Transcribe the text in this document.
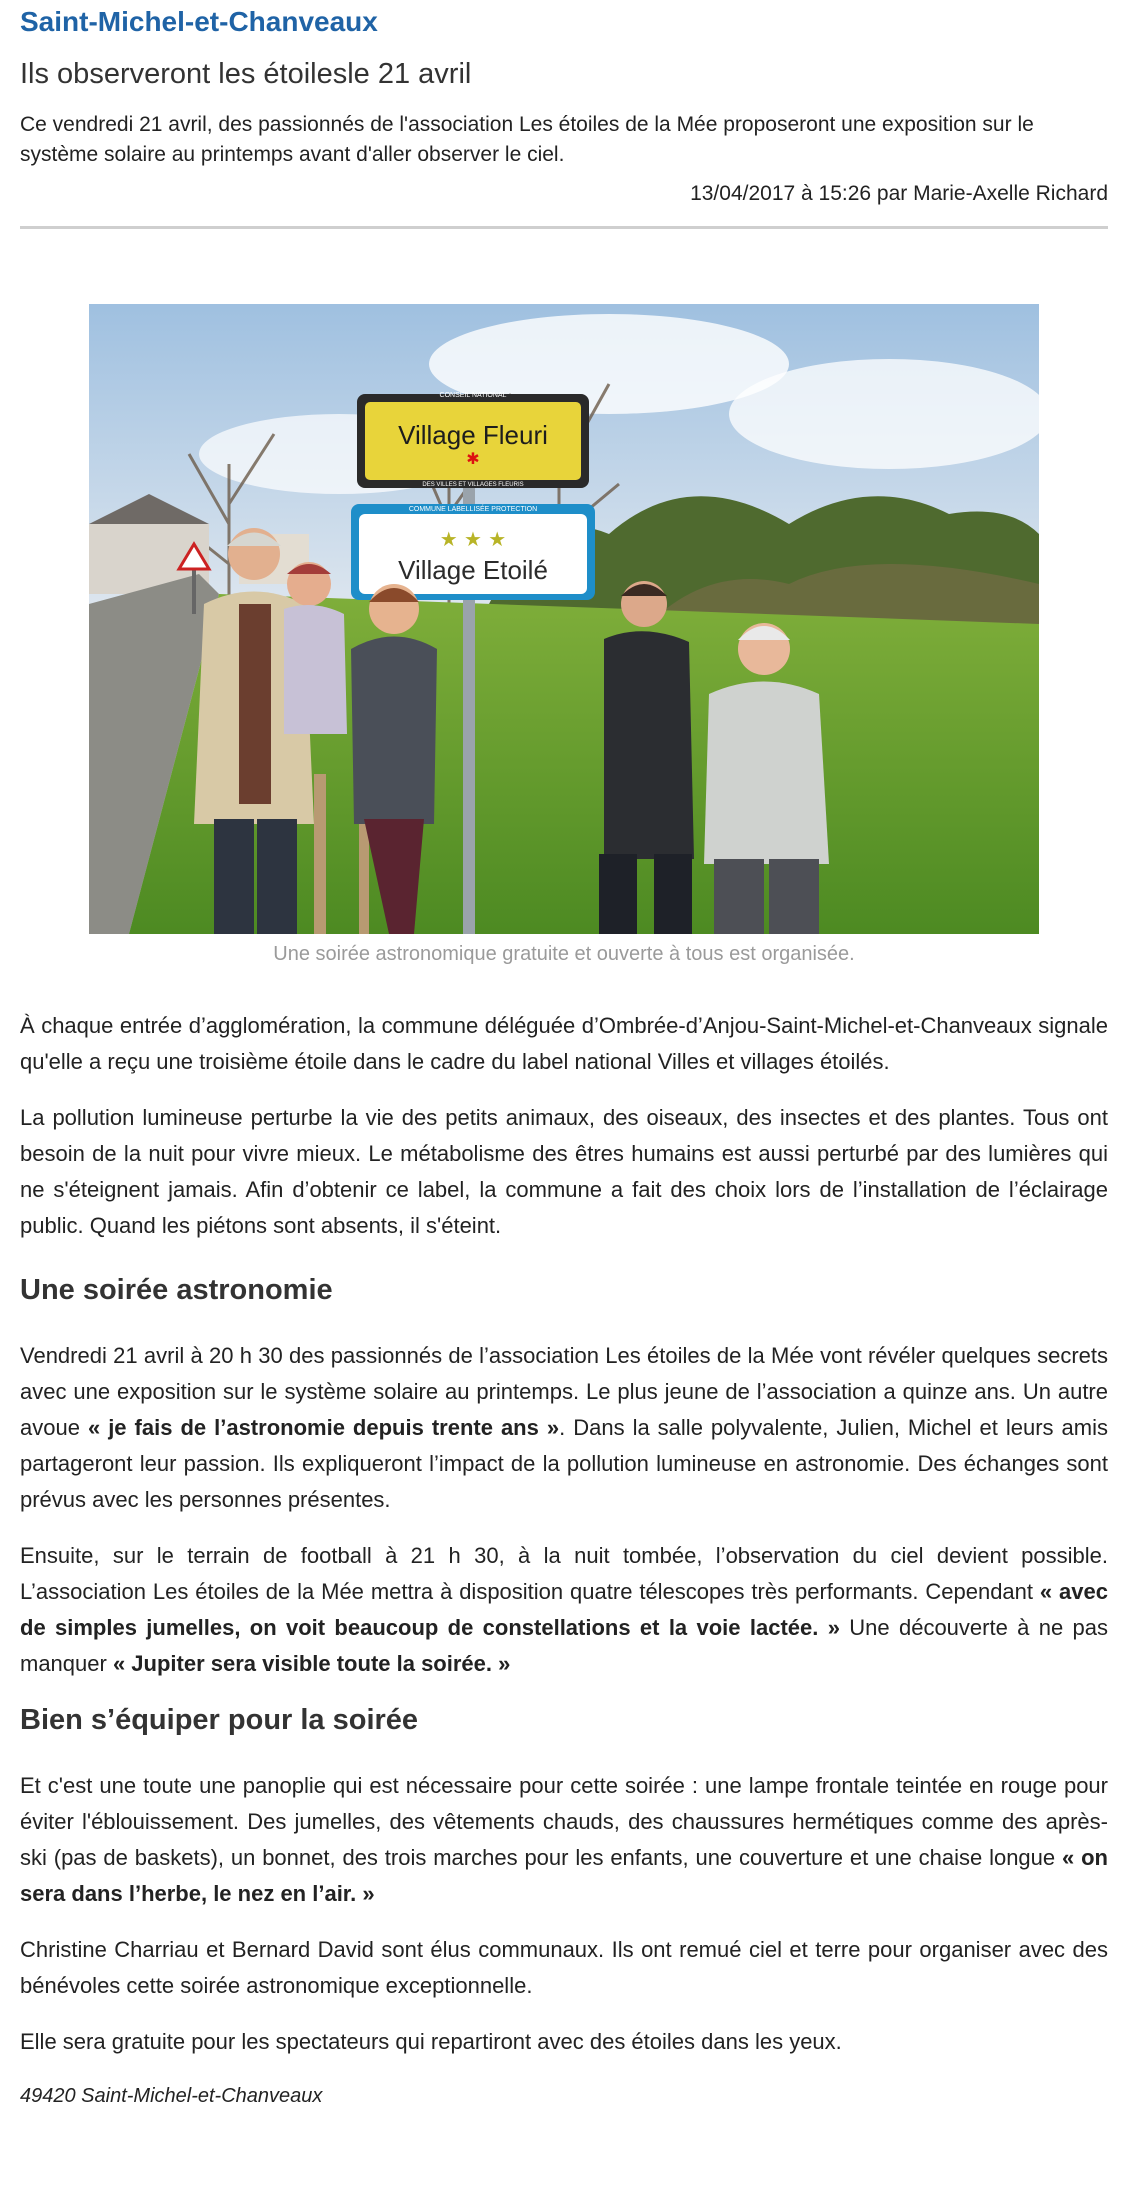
Saint-Michel-et-Chanveaux
Ils observeront les étoilesle 21 avril
Ce vendredi 21 avril, des passionnés de l'association Les étoiles de la Mée proposeront une exposition sur le système solaire au printemps avant d'aller observer le ciel.
13/04/2017 à 15:26 par Marie-Axelle Richard
CONSEIL NATIONAL
Village Fleuri
✱
DES VILLES ET VILLAGES FLEURIS
COMMUNE LABELLISÉE PROTECTION
★ ★ ★
Village Etoilé
Une soirée astronomique gratuite et ouverte à tous est organisée.

À chaque entrée d’agglomération, la commune déléguée d’Ombrée-d’Anjou-Saint-Michel-et-Chanveaux signale qu'elle a reçu une troisième étoile dans le cadre du label national Villes et villages étoilés.

La pollution lumineuse perturbe la vie des petits animaux, des oiseaux, des insectes et des plantes. Tous ont besoin de la nuit pour vivre mieux. Le métabolisme des êtres humains est aussi perturbé par des lumières qui ne s'éteignent jamais. Afin d’obtenir ce label, la commune a fait des choix lors de l’installation de l’éclairage public. Quand les piétons sont absents, il s'éteint.

Une soirée astronomie

Vendredi 21 avril à 20 h 30 des passionnés de l’association Les étoiles de la Mée vont révéler quelques secrets avec une exposition sur le système solaire au printemps. Le plus jeune de l’association a quinze ans. Un autre avoue « je fais de l’astronomie depuis trente ans ». Dans la salle polyvalente, Julien, Michel et leurs amis partageront leur passion. Ils expliqueront l’impact de la pollution lumineuse en astronomie. Des échanges sont prévus avec les personnes présentes.

Ensuite, sur le terrain de football à 21 h 30, à la nuit tombée, l’observation du ciel devient possible. L’association Les étoiles de la Mée mettra à disposition quatre télescopes très performants. Cependant « avec de simples jumelles, on voit beaucoup de constellations et la voie lactée. » Une découverte à ne pas manquer « Jupiter sera visible toute la soirée. »

Bien s’équiper pour la soirée

Et c'est une toute une panoplie qui est nécessaire pour cette soirée : une lampe frontale teintée en rouge pour éviter l'éblouissement. Des jumelles, des vêtements chauds, des chaussures hermétiques comme des après-ski (pas de baskets), un bonnet, des trois marches pour les enfants, une couverture et une chaise longue « on sera dans l’herbe, le nez en l’air. »

Christine Charriau et Bernard David sont élus communaux. Ils ont remué ciel et terre pour organiser avec des bénévoles cette soirée astronomique exceptionnelle.

Elle sera gratuite pour les spectateurs qui repartiront avec des étoiles dans les yeux.

49420 Saint-Michel-et-Chanveaux
